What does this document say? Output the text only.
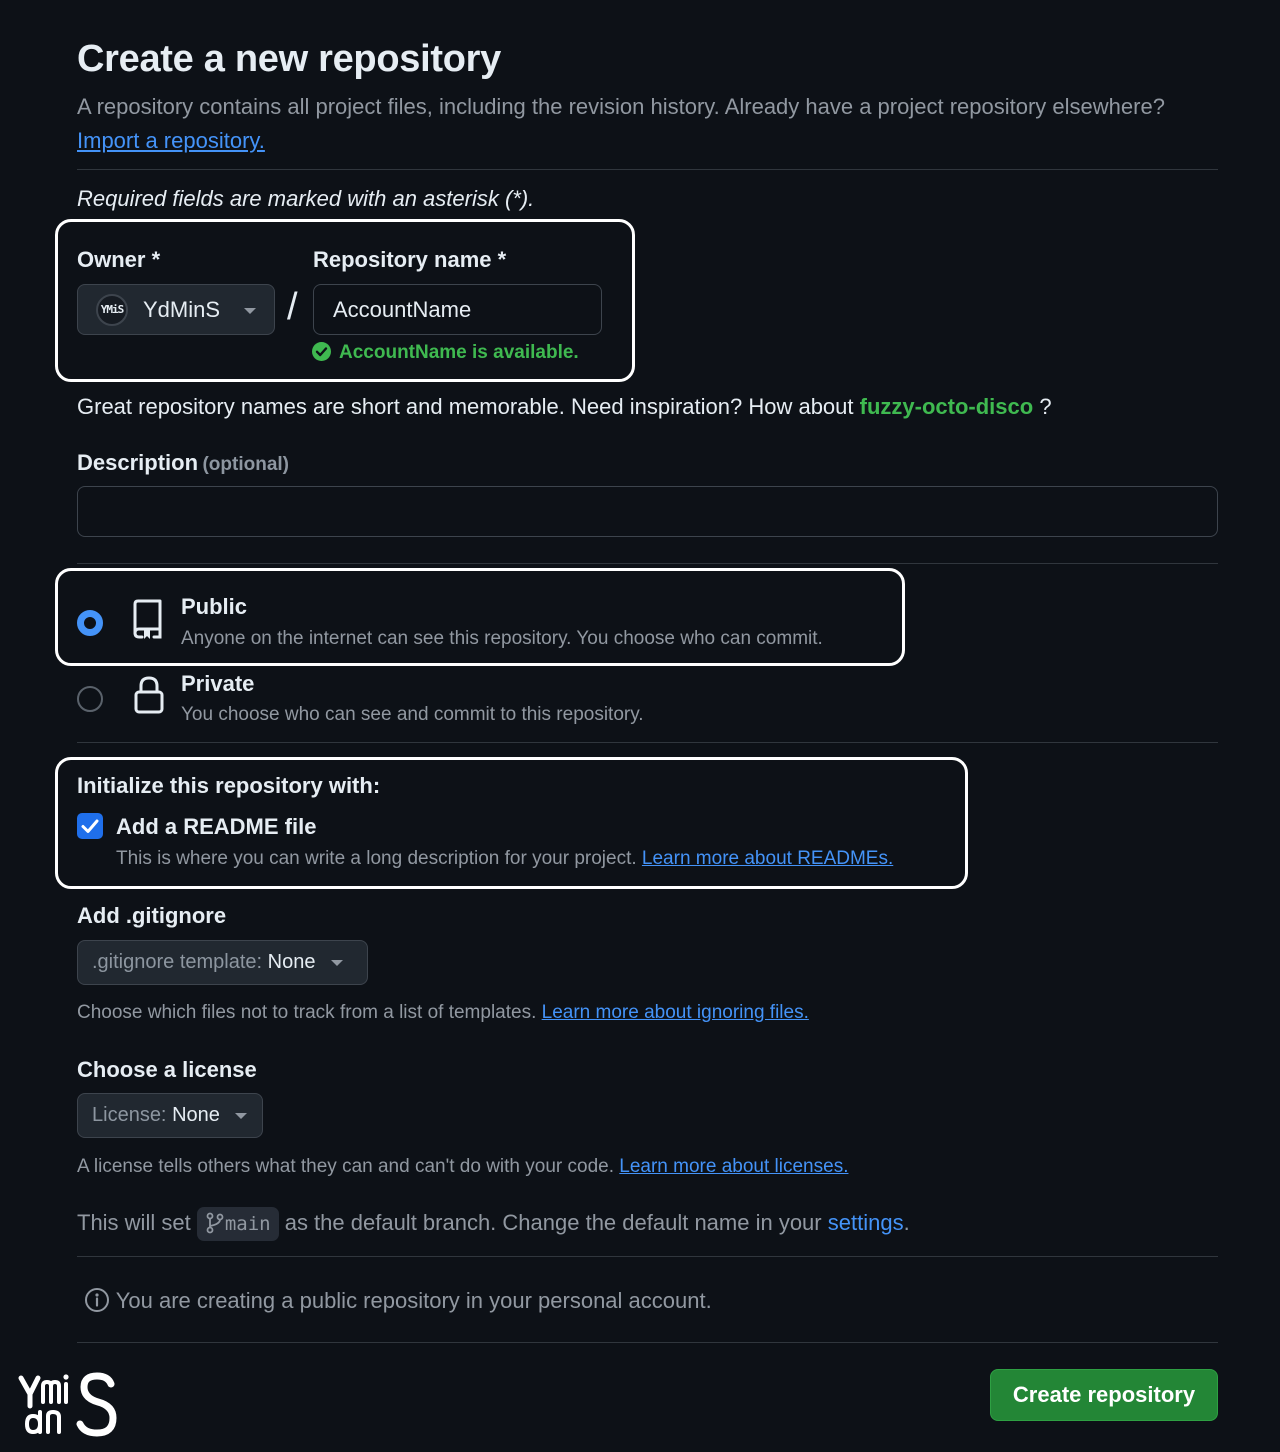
Create a new repository
A repository contains all project files, including the revision history. Already have a project repository elsewhere? Import a repository.
Required fields are marked with an asterisk (*).
Owner *
YMiS YdMinS /
Repository name *
AccountName
AccountName is available.
Great repository names are short and memorable. Need inspiration? How about fuzzy-octo-disco ?
Description (optional)
Public
Anyone on the internet can see this repository. You choose who can commit.
Private
You choose who can see and commit to this repository.
Initialize this repository with:
Add a README file
This is where you can write a long description for your project. Learn more about READMEs.
Add .gitignore
.gitignore template: None
Choose which files not to track from a list of templates. Learn more about ignoring files.
Choose a license
License: None
A license tells others what they can and can't do with your code. Learn more about licenses.
This will set main as the default branch. Change the default name in your settings.
You are creating a public repository in your personal account.
Create repository
